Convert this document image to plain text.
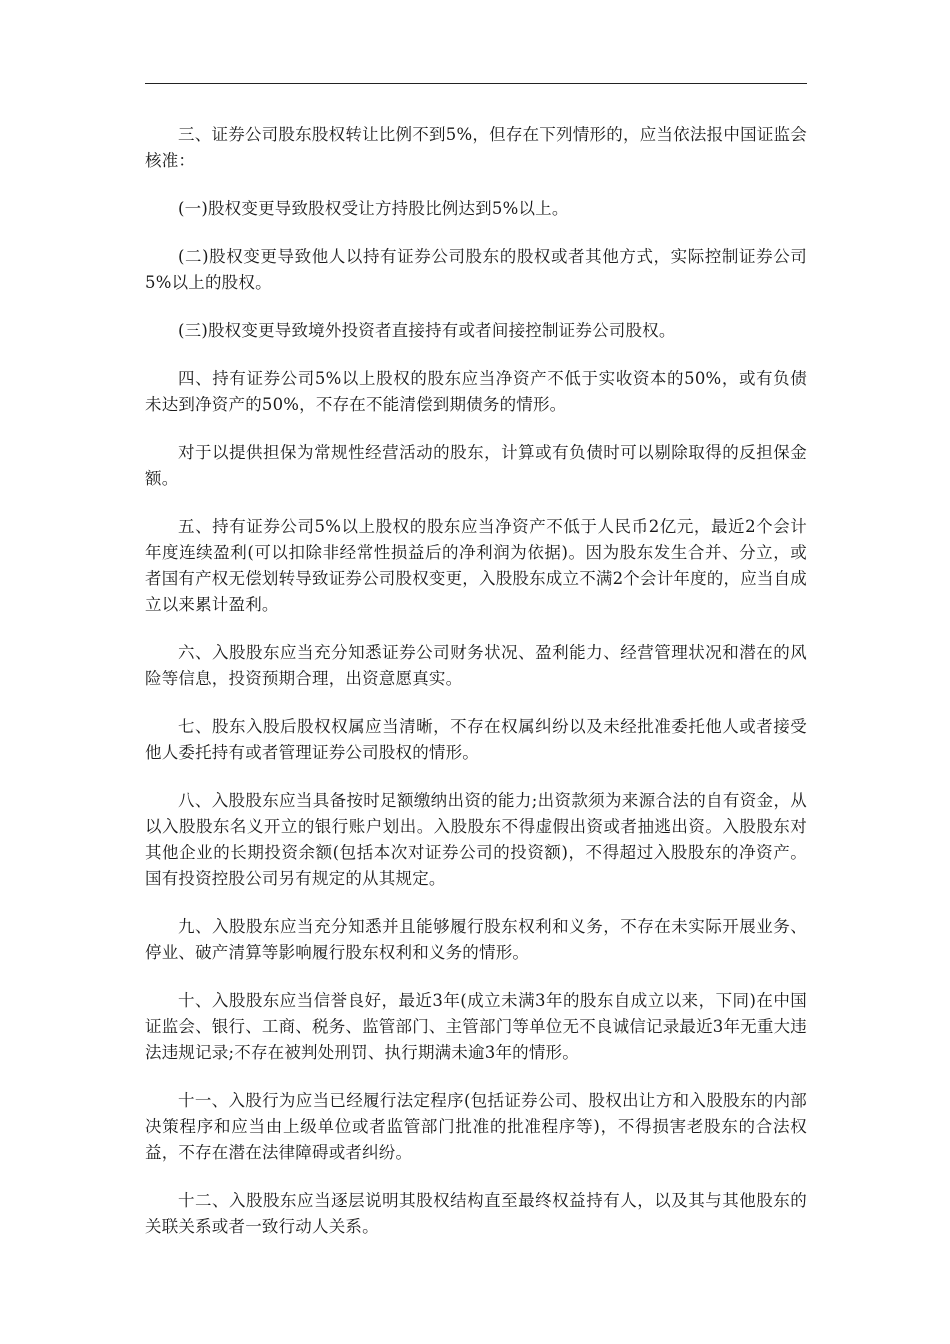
三、证券公司股东股权转让比例不到5%，但存在下列情形的，应当依法报中国证监会核准：

(一)股权变更导致股权受让方持股比例达到5%以上。

(二)股权变更导致他人以持有证券公司股东的股权或者其他方式，实际控制证券公司5%以上的股权。

(三)股权变更导致境外投资者直接持有或者间接控制证券公司股权。

四、持有证券公司5%以上股权的股东应当净资产不低于实收资本的50%，或有负债未达到净资产的50%，不存在不能清偿到期债务的情形。

对于以提供担保为常规性经营活动的股东，计算或有负债时可以剔除取得的反担保金额。

五、持有证券公司5%以上股权的股东应当净资产不低于人民币2亿元，最近2个会计年度连续盈利(可以扣除非经常性损益后的净利润为依据)。因为股东发生合并、分立，或者国有产权无偿划转导致证券公司股权变更，入股股东成立不满2个会计年度的，应当自成立以来累计盈利。

六、入股股东应当充分知悉证券公司财务状况、盈利能力、经营管理状况和潜在的风险等信息，投资预期合理，出资意愿真实。

七、股东入股后股权权属应当清晰，不存在权属纠纷以及未经批准委托他人或者接受他人委托持有或者管理证券公司股权的情形。

八、入股股东应当具备按时足额缴纳出资的能力;出资款须为来源合法的自有资金，从以入股股东名义开立的银行账户划出。入股股东不得虚假出资或者抽逃出资。入股股东对其他企业的长期投资余额(包括本次对证券公司的投资额)，不得超过入股股东的净资产。国有投资控股公司另有规定的从其规定。

九、入股股东应当充分知悉并且能够履行股东权利和义务，不存在未实际开展业务、停业、破产清算等影响履行股东权利和义务的情形。

十、入股股东应当信誉良好，最近3年(成立未满3年的股东自成立以来，下同)在中国证监会、银行、工商、税务、监管部门、主管部门等单位无不良诚信记录最近3年无重大违法违规记录;不存在被判处刑罚、执行期满未逾3年的情形。

十一、入股行为应当已经履行法定程序(包括证券公司、股权出让方和入股股东的内部决策程序和应当由上级单位或者监管部门批准的批准程序等)，不得损害老股东的合法权益，不存在潜在法律障碍或者纠纷。

十二、入股股东应当逐层说明其股权结构直至最终权益持有人，以及其与其他股东的关联关系或者一致行动人关系。
